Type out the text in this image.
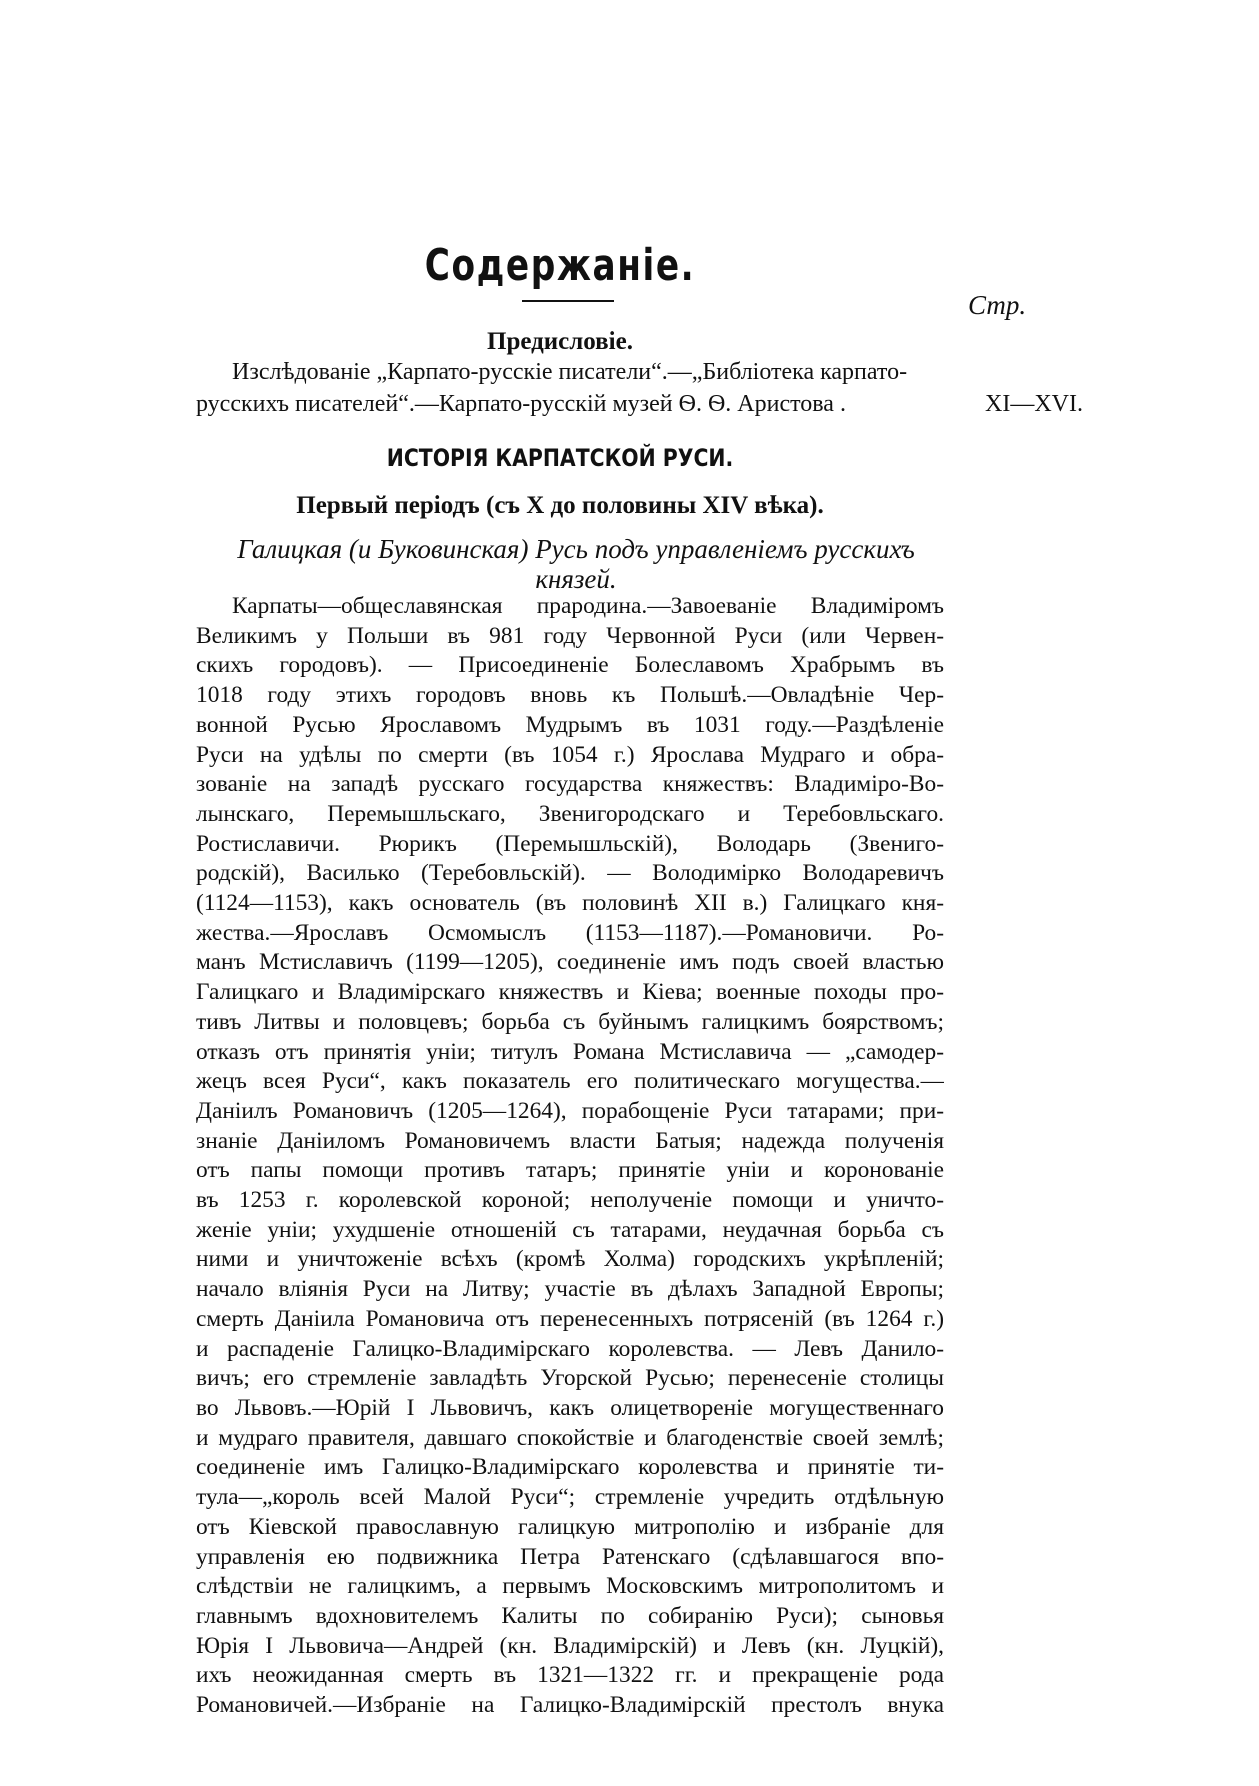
Содержаніе.
Стр.
Предисловіе.
Изслѣдованіе „Карпато-русскіе писатели“.—„Библіотека карпато-
русскихъ писателей“.—Карпато-русскій музей Ѳ. Ѳ. Аристова .	XI—XVI.
ИСТОРІЯ КАРПАТСКОЙ РУСИ.
Первый періодъ (съ X до половины XIV вѣка).
Галицкая (и Буковинская) Русь подъ управленіемъ русскихъ князей.
Карпаты—общеславянская прародина.—Завоеваніе Владиміромъ
Великимъ у Польши въ 981 году Червонной Руси (или Червен-
скихъ городовъ). — Присоединеніе Болеславомъ Храбрымъ въ
1018 году этихъ городовъ вновь къ Польшѣ.—Овладѣніе Чер-
вонной Русью Ярославомъ Мудрымъ въ 1031 году.—Раздѣленіе
Руси на удѣлы по смерти (въ 1054 г.) Ярослава Мудраго и обра-
зованіе на западѣ русскаго государства княжествъ: Владиміро-Во-
лынскаго, Перемышльскаго, Звенигородскаго и Теребовльскаго.
Ростиславичи. Рюрикъ (Перемышльскій), Володарь (Звениго-
родскій), Василько (Теребовльскій). — Володимірко Володаревичъ
(1124—1153), какъ основатель (въ половинѣ XII в.) Галицкаго кня-
жества.—Ярославъ Осмомыслъ (1153—1187).—Романовичи. Ро-
манъ Мстиславичъ (1199—1205), соединеніе имъ подъ своей властью
Галицкаго и Владимірскаго княжествъ и Кіева; военные походы про-
тивъ Литвы и половцевъ; борьба съ буйнымъ галицкимъ боярствомъ;
отказъ отъ принятія уніи; титулъ Романа Мстиславича — „самодер-
жецъ всея Руси“, какъ показатель его политическаго могущества.—
Даніилъ Романовичъ (1205—1264), порабощеніе Руси татарами; при-
знаніе Даніиломъ Романовичемъ власти Батыя; надежда полученія
отъ папы помощи противъ татаръ; принятіе уніи и коронованіе
въ 1253 г. королевской короной; неполученіе помощи и уничто-
женіе уніи; ухудшеніе отношеній съ татарами, неудачная борьба съ
ними и уничтоженіе всѣхъ (кромѣ Холма) городскихъ укрѣпленій;
начало вліянія Руси на Литву; участіе въ дѣлахъ Западной Европы;
смерть Даніила Романовича отъ перенесенныхъ потрясеній (въ 1264 г.)
и распаденіе Галицко-Владимірскаго королевства. — Левъ Данило-
вичъ; его стремленіе завладѣть Угорской Русью; перенесеніе столицы
во Львовъ.—Юрій I Львовичъ, какъ олицетвореніе могущественнаго
и мудраго правителя, давшаго спокойствіе и благоденствіе своей землѣ;
соединеніе имъ Галицко-Владимірскаго королевства и принятіе ти-
тула—„король всей Малой Руси“; стремленіе учредить отдѣльную
отъ Кіевской православную галицкую митрополію и избраніе для
управленія ею подвижника Петра Ратенскаго (сдѣлавшагося впо-
слѣдствіи не галицкимъ, а первымъ Московскимъ митрополитомъ и
главнымъ вдохновителемъ Калиты по собиранію Руси); сыновья
Юрія I Львовича—Андрей (кн. Владимірскій) и Левъ (кн. Луцкій),
ихъ неожиданная смерть въ 1321—1322 гг. и прекращеніе рода
Романовичей.—Избраніе на Галицко-Владимірскій престолъ внука
